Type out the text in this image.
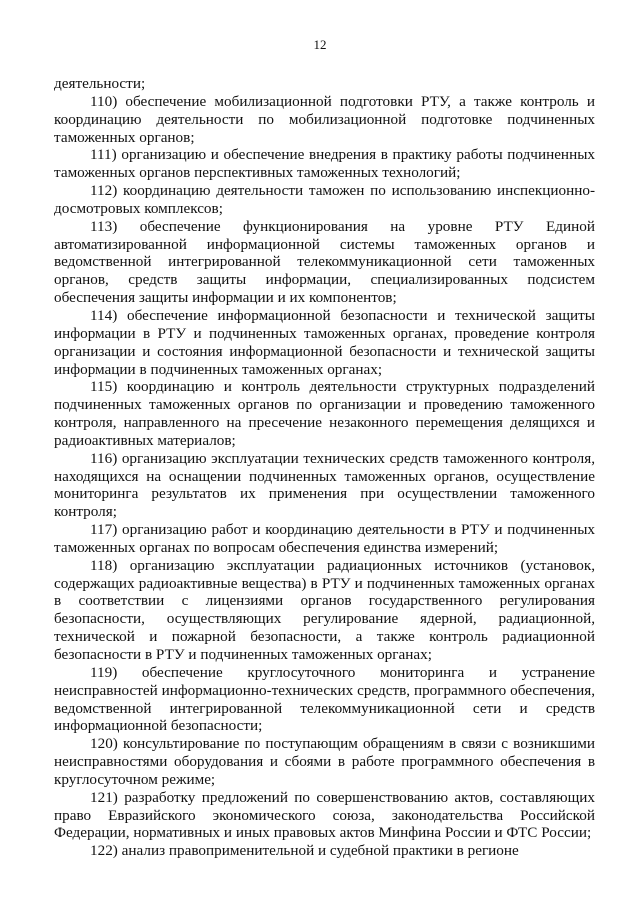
12

деятельности;

110) обеспечение мобилизационной подготовки РТУ, а также контроль и координацию деятельности по мобилизационной подготовке подчиненных таможенных органов;

111) организацию и обеспечение внедрения в практику работы подчиненных таможенных органов перспективных таможенных технологий;

112) координацию деятельности таможен по использованию инспекционно-досмотровых комплексов;

113) обеспечение функционирования на уровне РТУ Единой автоматизированной информационной системы таможенных органов и ведомственной интегрированной телекоммуникационной сети таможенных органов, средств защиты информации, специализированных подсистем обеспечения защиты информации и их компонентов;

114) обеспечение информационной безопасности и технической защиты информации в РТУ и подчиненных таможенных органах, проведение контроля организации и состояния информационной безопасности и технической защиты информации в подчиненных таможенных органах;

115) координацию и контроль деятельности структурных подразделений подчиненных таможенных органов по организации и проведению таможенного контроля, направленного на пресечение незаконного перемещения делящихся и радиоактивных материалов;

116) организацию эксплуатации технических средств таможенного контроля, находящихся на оснащении подчиненных таможенных органов, осуществление мониторинга результатов их применения при осуществлении таможенного контроля;

117) организацию работ и координацию деятельности в РТУ и подчиненных таможенных органах по вопросам обеспечения единства измерений;

118) организацию эксплуатации радиационных источников (установок, содержащих радиоактивные вещества) в РТУ и подчиненных таможенных органах в соответствии с лицензиями органов государственного регулирования безопасности, осуществляющих регулирование ядерной, радиационной, технической и пожарной безопасности, а также контроль радиационной безопасности в РТУ и подчиненных таможенных органах;

119) обеспечение круглосуточного мониторинга и устранение неисправностей информационно-технических средств, программного обеспечения, ведомственной интегрированной телекоммуникационной сети и средств информационной безопасности;

120) консультирование по поступающим обращениям в связи с возникшими неисправностями оборудования и сбоями в работе программного обеспечения в круглосуточном режиме;

121) разработку предложений по совершенствованию актов, составляющих право Евразийского экономического союза, законодательства Российской Федерации, нормативных и иных правовых актов Минфина России и ФТС России;

122) анализ правоприменительной и судебной практики в регионе
